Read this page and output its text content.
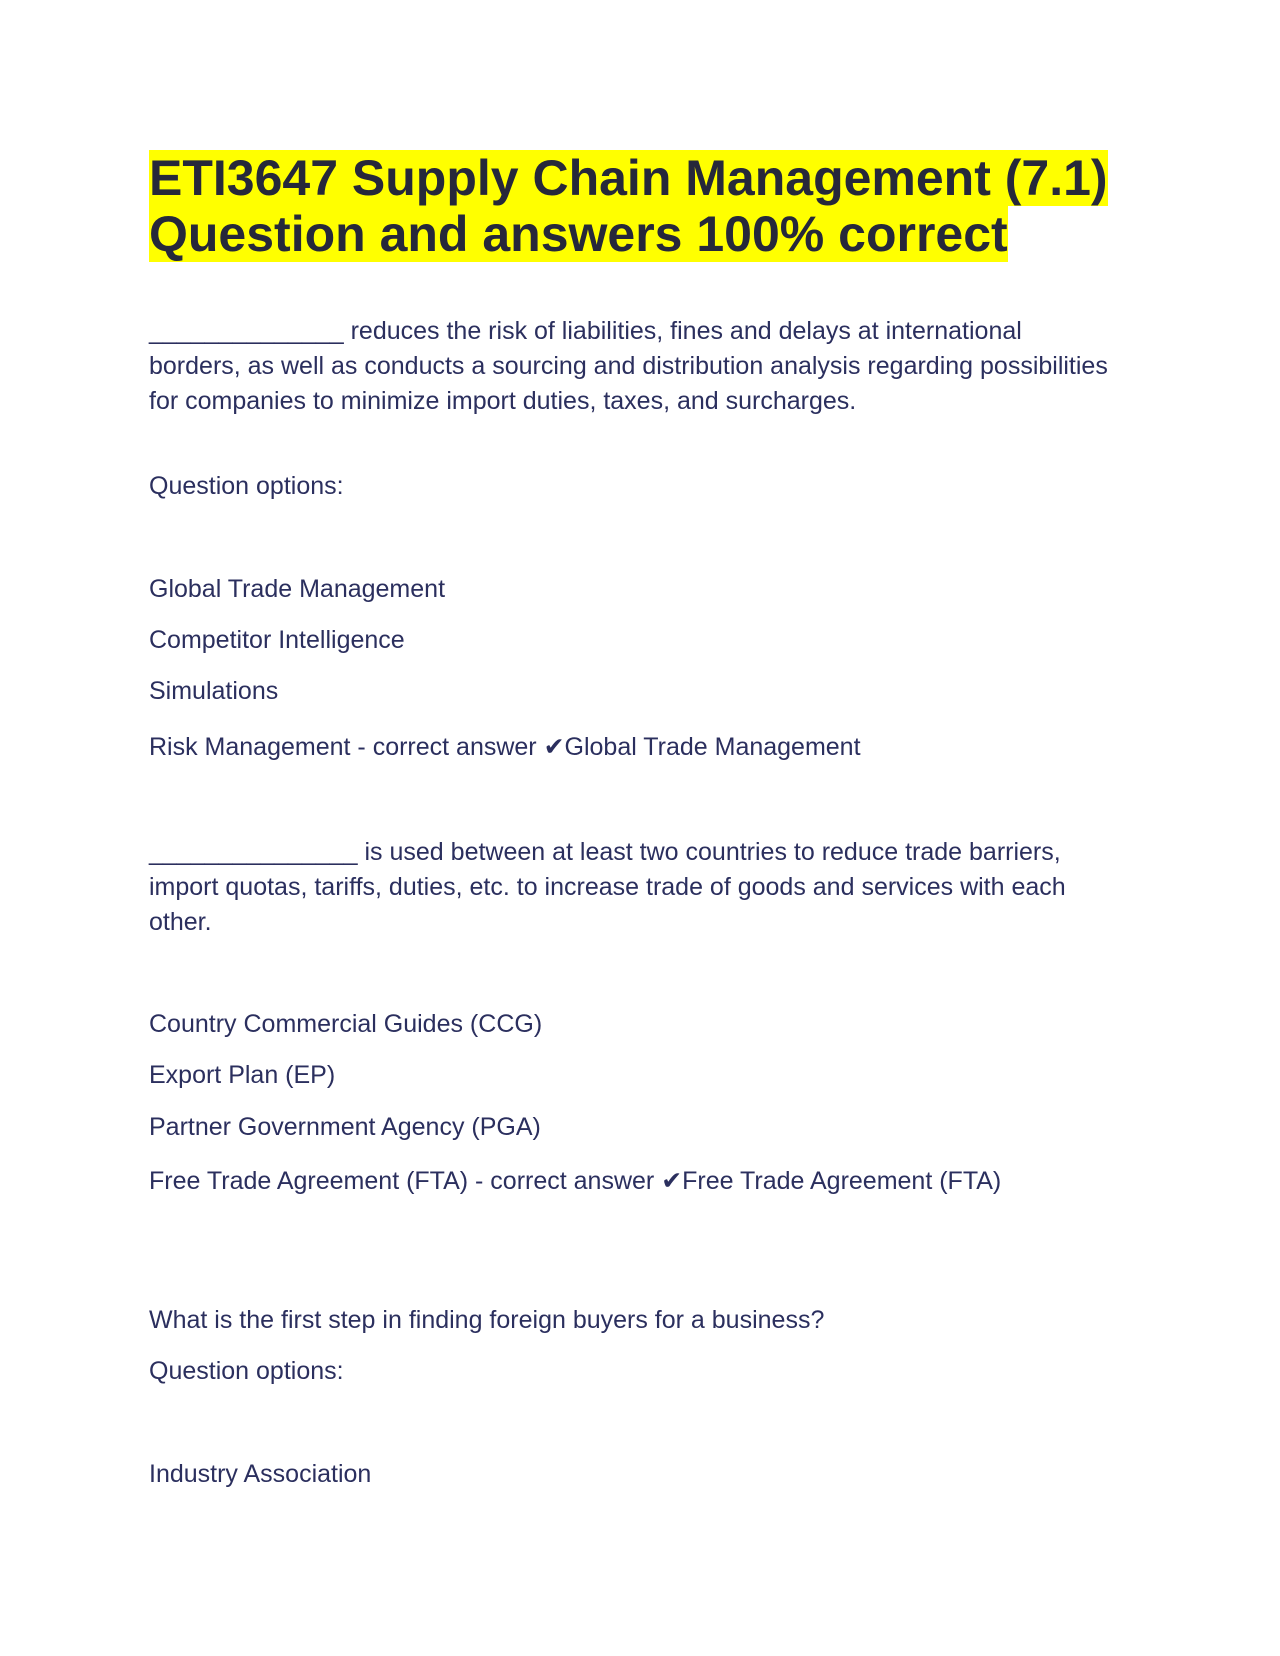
ETI3647 Supply Chain Management (7.1)
Question and answers 100% correct
______________ reduces the risk of liabilities, fines and delays at international borders, as well as conducts a sourcing and distribution analysis regarding possibilities for companies to minimize import duties, taxes, and surcharges.
Question options:
Global Trade Management
Competitor Intelligence
Simulations
Risk Management - correct answer ✔Global Trade Management
_______________ is used between at least two countries to reduce trade barriers, import quotas, tariffs, duties, etc. to increase trade of goods and services with each other.
Country Commercial Guides (CCG)
Export Plan (EP)
Partner Government Agency (PGA)
Free Trade Agreement (FTA) - correct answer ✔Free Trade Agreement (FTA)
What is the first step in finding foreign buyers for a business?
Question options:
Industry Association
